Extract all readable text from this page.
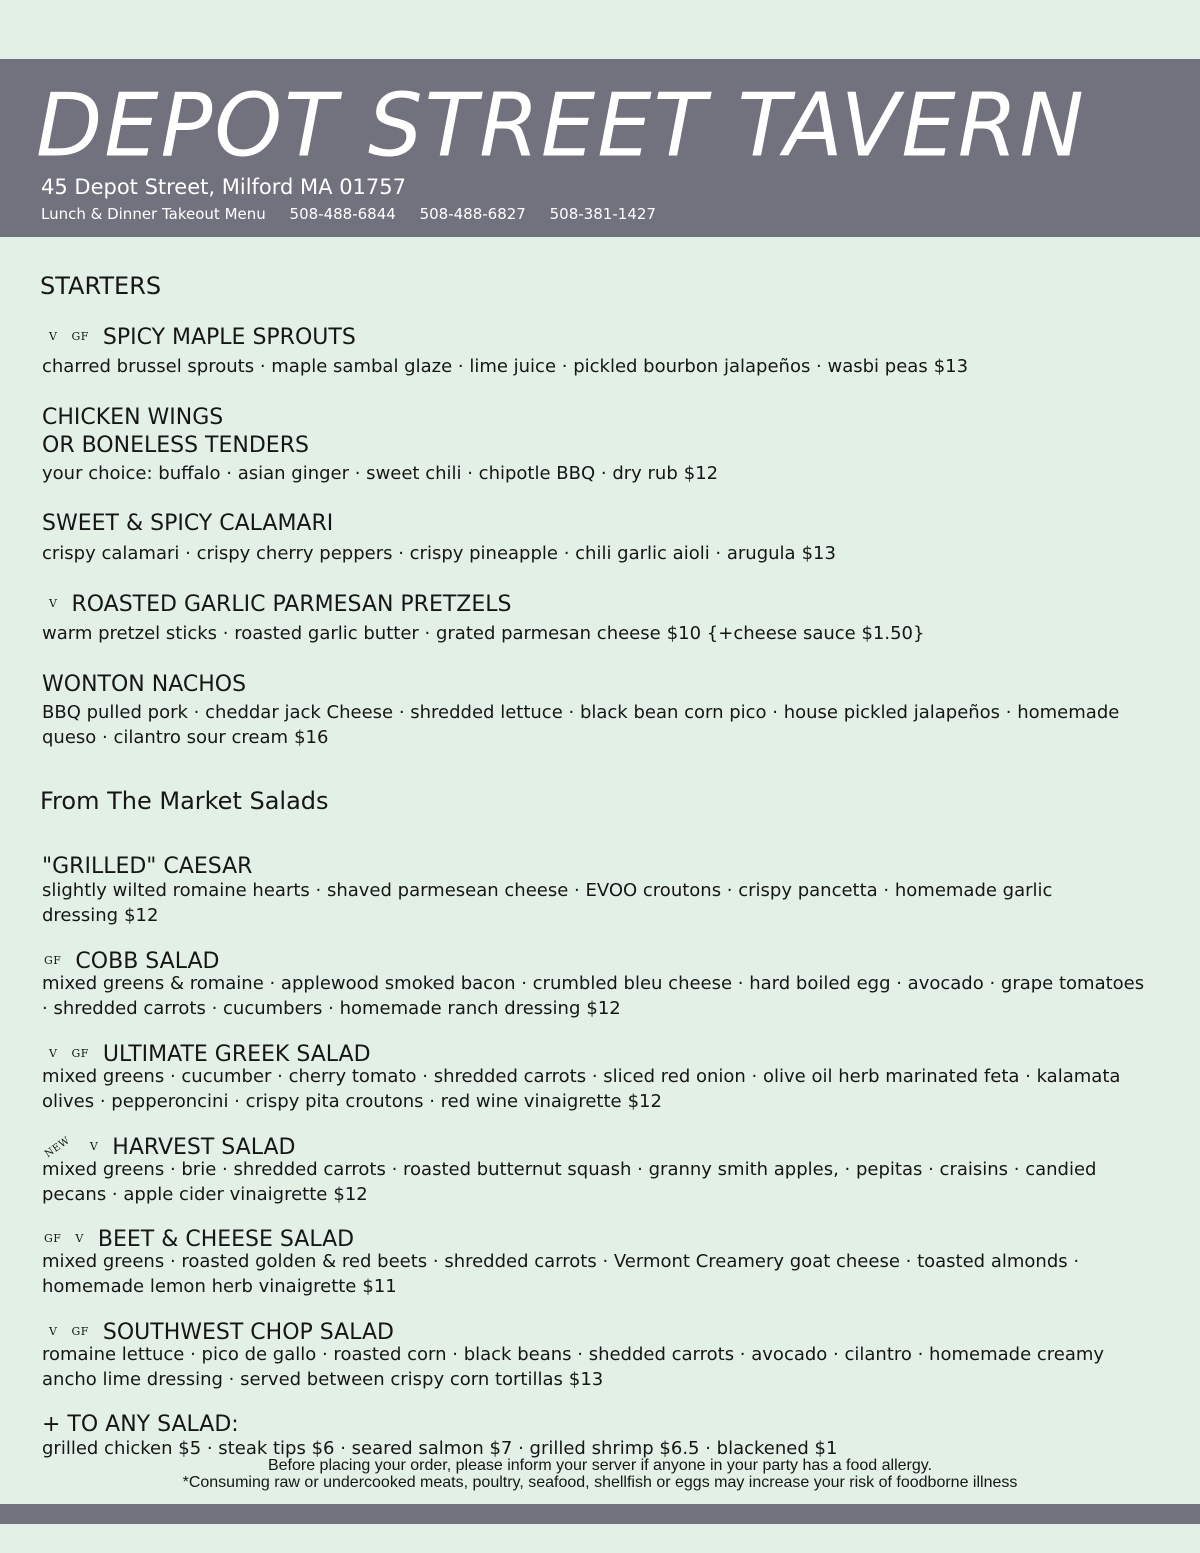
DEPOT STREET TAVERN
45 Depot Street, Milford MA 01757
Lunch & Dinner Takeout Menu 508-488-6844 508-488-6827 508-381-1427
STARTERS
V GF SPICY MAPLE SPROUTS

charred brussel sprouts · maple sambal glaze · lime juice · pickled bourbon jalapeños · wasbi peas $13

CHICKEN WINGS
OR BONELESS TENDERS

your choice: buffalo · asian ginger · sweet chili · chipotle BBQ · dry rub $12

SWEET & SPICY CALAMARI

crispy calamari · crispy cherry peppers · crispy pineapple · chili garlic aioli · arugula $13

V ROASTED GARLIC PARMESAN PRETZELS

warm pretzel sticks · roasted garlic butter · grated parmesan cheese $10 {+cheese sauce $1.50}

WONTON NACHOS

BBQ pulled pork · cheddar jack Cheese · shredded lettuce · black bean corn pico · house pickled jalapeños · homemade queso · cilantro sour cream $16

From The Market Salads
"GRILLED" CAESAR

slightly wilted romaine hearts · shaved parmesean cheese · EVOO croutons · crispy pancetta · homemade garlic dressing $12

GF COBB SALAD

mixed greens & romaine · applewood smoked bacon · crumbled bleu cheese · hard boiled egg · avocado · grape tomatoes · shredded carrots · cucumbers · homemade ranch dressing $12

V GF ULTIMATE GREEK SALAD

mixed greens · cucumber · cherry tomato · shredded carrots · sliced red onion · olive oil herb marinated feta · kalamata olives · pepperoncini · crispy pita croutons · red wine vinaigrette $12

NEW V HARVEST SALAD

mixed greens · brie · shredded carrots · roasted butternut squash · granny smith apples, · pepitas · craisins · candied pecans · apple cider vinaigrette $12

GF V BEET & CHEESE SALAD

mixed greens · roasted golden & red beets · shredded carrots · Vermont Creamery goat cheese · toasted almonds · homemade lemon herb vinaigrette $11

V GF SOUTHWEST CHOP SALAD

romaine lettuce · pico de gallo · roasted corn · black beans · shedded carrots · avocado · cilantro · homemade creamy ancho lime dressing · served between crispy corn tortillas $13

+ TO ANY SALAD:

grilled chicken $5 · steak tips $6 · seared salmon $7 · grilled shrimp $6.5 · blackened $1

Before placing your order, please inform your server if anyone in your party has a food allergy.
*Consuming raw or undercooked meats, poultry, seafood, shellfish or eggs may increase your risk of foodborne illness
